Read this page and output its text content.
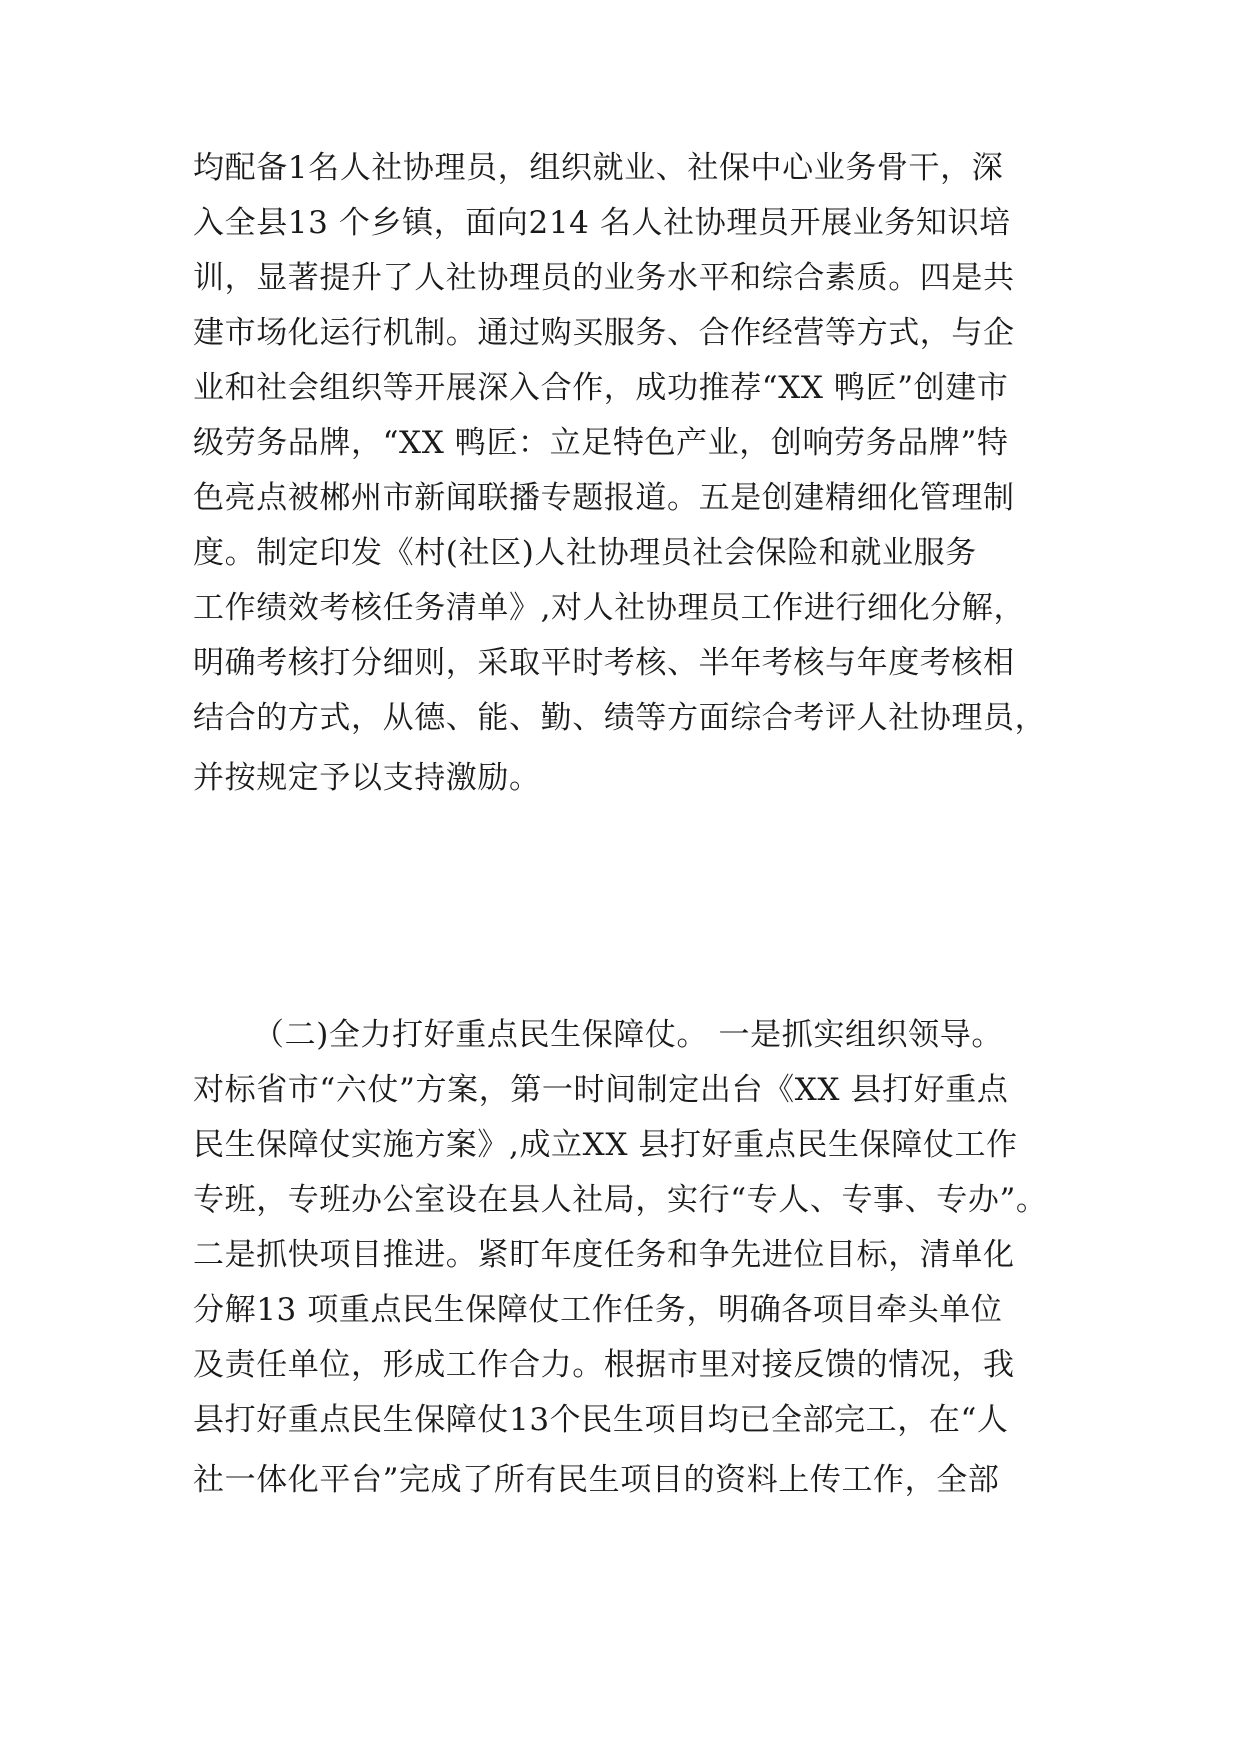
均配备1名人社协理员，组织就业、社保中心业务骨干，深
入全县13 个乡镇，面向214 名人社协理员开展业务知识培
训，显著提升了人社协理员的业务水平和综合素质。四是共
建市场化运行机制。通过购买服务、合作经营等方式，与企
业和社会组织等开展深入合作，成功推荐“XX 鸭匠”创建市
级劳务品牌，“XX 鸭匠：立足特色产业，创响劳务品牌”特
色亮点被郴州市新闻联播专题报道。五是创建精细化管理制
度。制定印发《村(社区)人社协理员社会保险和就业服务
工作绩效考核任务清单》,对人社协理员工作进行细化分解，
明确考核打分细则，采取平时考核、半年考核与年度考核相
结合的方式，从德、能、勤、绩等方面综合考评人社协理员，
并按规定予以支持激励。
（二)全力打好重点民生保障仗。 一是抓实组织领导。
对标省市“六仗”方案，第一时间制定出台《XX 县打好重点
民生保障仗实施方案》,成立XX 县打好重点民生保障仗工作
专班，专班办公室设在县人社局，实行“专人、专事、专办”。
二是抓快项目推进。紧盯年度任务和争先进位目标，清单化
分解13 项重点民生保障仗工作任务，明确各项目牵头单位
及责任单位，形成工作合力。根据市里对接反馈的情况，我
县打好重点民生保障仗13个民生项目均已全部完工，在“人
社一体化平台”完成了所有民生项目的资料上传工作，全部
